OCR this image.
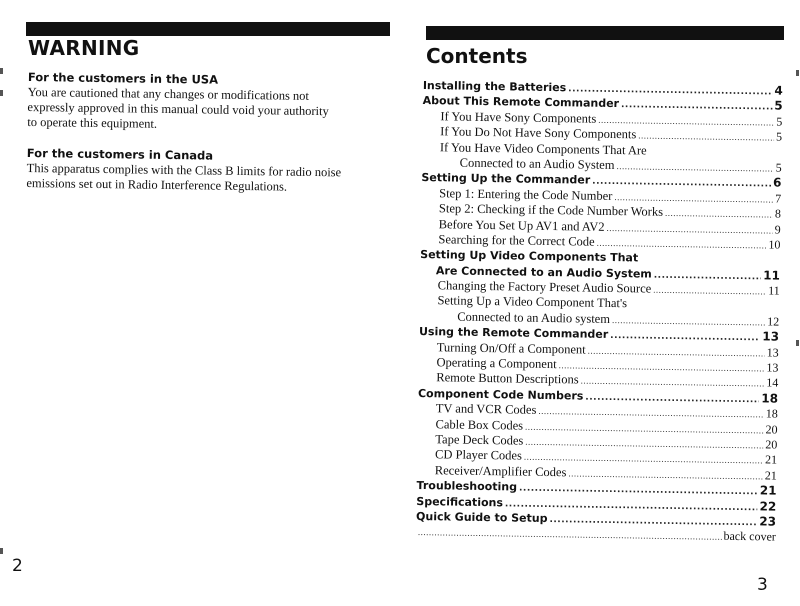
WARNING

For the customers in the USA

You are cautioned that any changes or modifications not
expressly approved in this manual could void your authority
to operate this equipment.

For the customers in Canada

This apparatus complies with the Class B limits for radio noise
emissions set out in Radio Interference Regulations.

2
Contents
Installing the Batteries .....	4
About This Remote Commander .....	5
If You Have Sony Components .....	5
If You Do Not Have Sony Components .....	5
If You Have Video Components That Are
Connected to an Audio System .....	5
Setting Up the Commander .....	6
Step 1: Entering the Code Number .....	7
Step 2: Checking if the Code Number Works .....	8
Before You Set Up AV1 and AV2 .....	9
Searching for the Correct Code .....	10
Setting Up Video Components That
Are Connected to an Audio System .....	11
Changing the Factory Preset Audio Source .....	11
Setting Up a Video Component That's
Connected to an Audio system .....	12
Using the Remote Commander .....	13
Turning On/Off a Component .....	13
Operating a Component .....	13
Remote Button Descriptions .....	14
Component Code Numbers .....	18
TV and VCR Codes .....	18
Cable Box Codes .....	20
Tape Deck Codes .....	20
CD Player Codes .....	21
Receiver/Amplifier Codes .....	21
Troubleshooting .....	21
Specifications .....	22
Quick Guide to Setup .....	23
.....
back cover
3
